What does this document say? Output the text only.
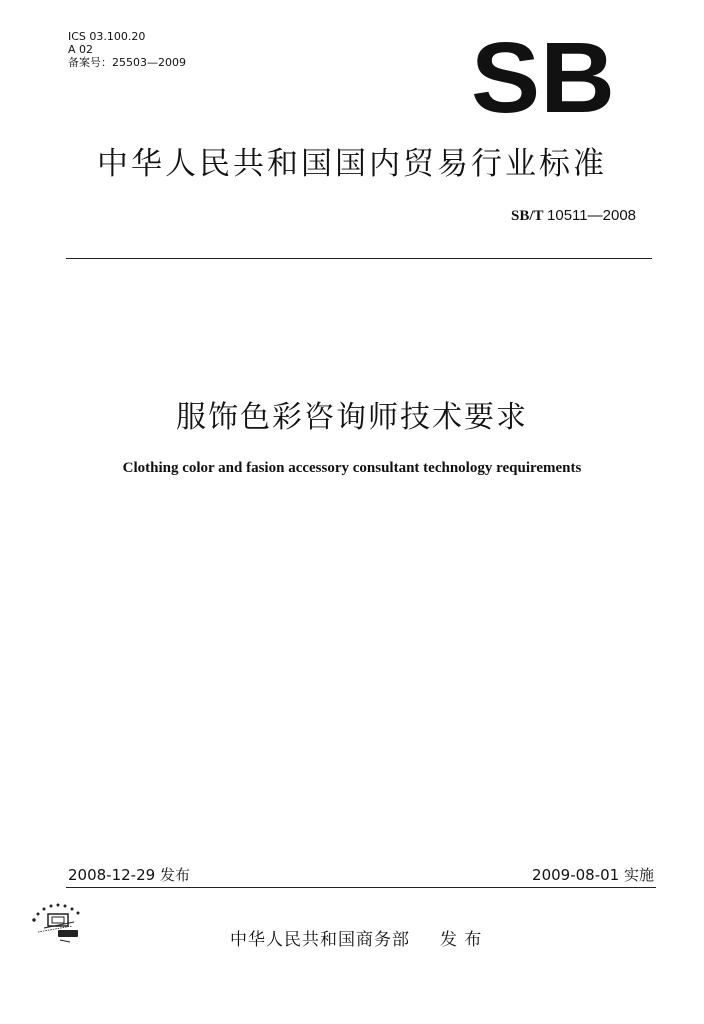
ICS 03.100.20
A 02
备案号：25503—2009	SB
中华人民共和国国内贸易行业标准
SB/T 10511—2008
服饰色彩咨询师技术要求
Clothing color and fasion accessory consultant technology requirements
2008-12-29 发布	2009-08-01 实施
中华人民共和国商务部 发 布
